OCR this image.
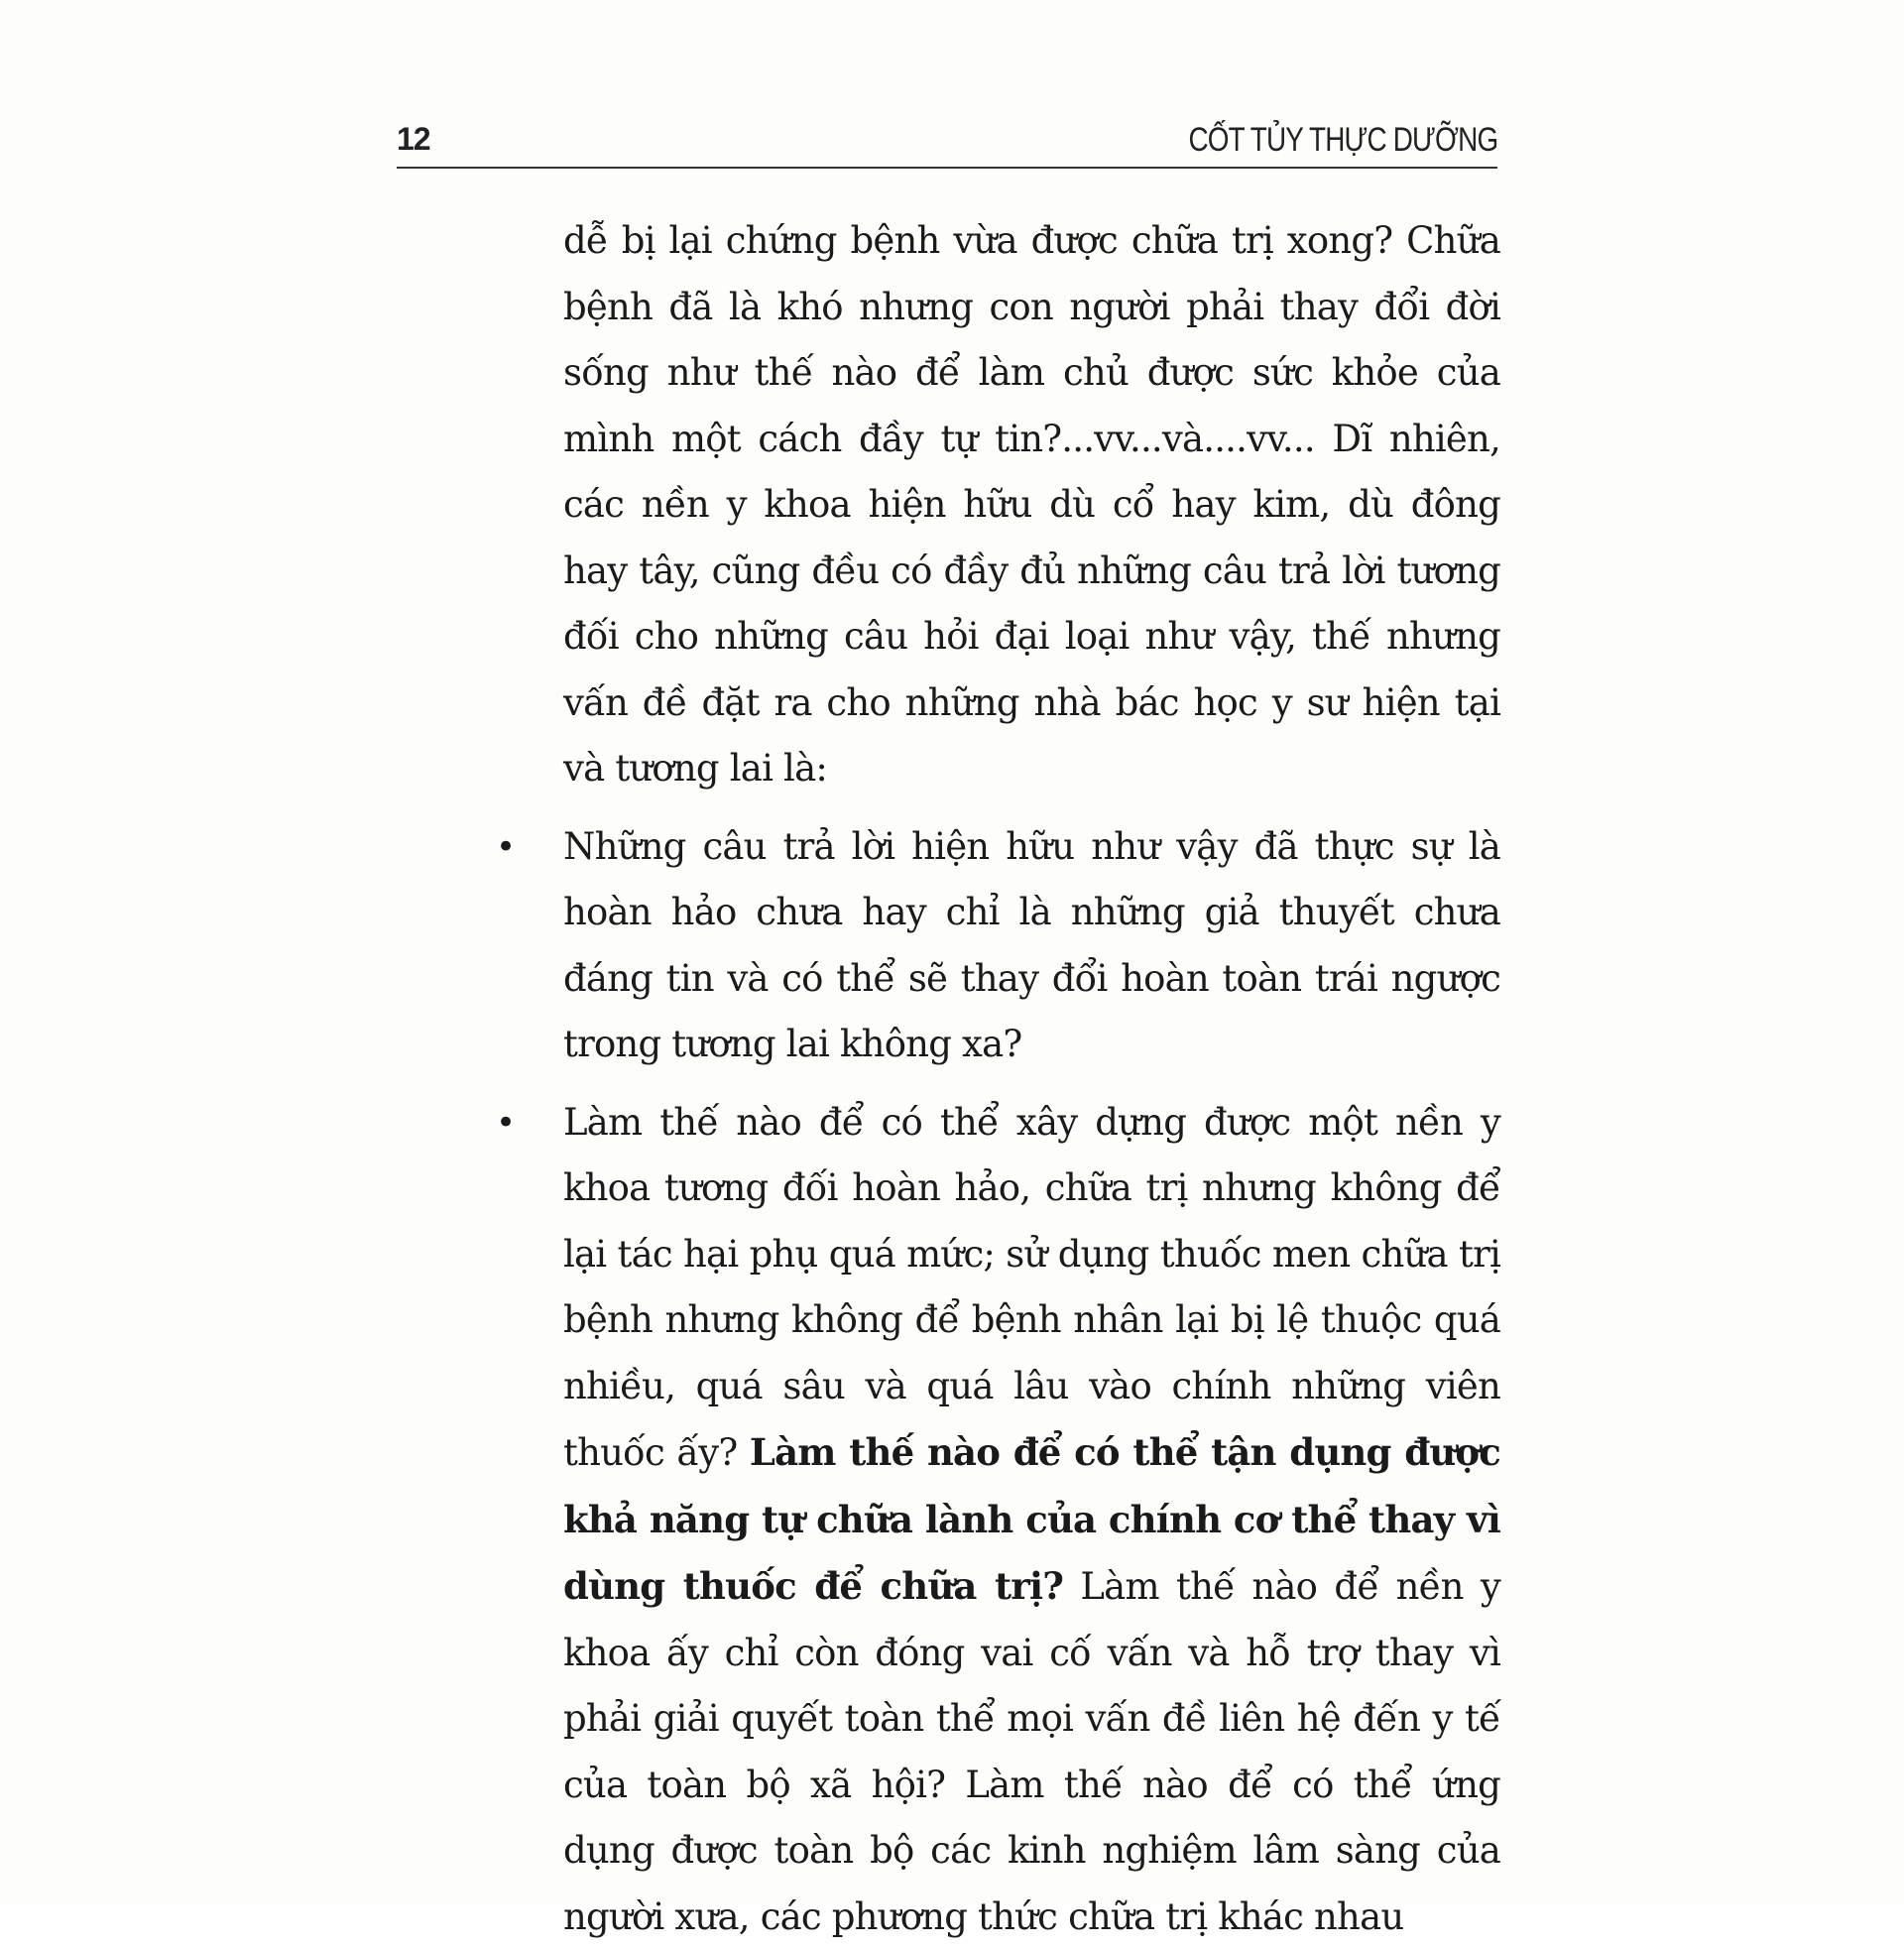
12	CỐT TỦY THỰC DƯỠNG

dễ bị lại chứng bệnh vừa được chữa trị xong? Chữa bệnh đã là khó nhưng con người phải thay đổi đời sống như thế nào để làm chủ được sức khỏe của mình một cách đầy tự tin?...vv...và....vv... Dĩ nhiên, các nền y khoa hiện hữu dù cổ hay kim, dù đông hay tây, cũng đều có đầy đủ những câu trả lời tương đối cho những câu hỏi đại loại như vậy, thế nhưng vấn đề đặt ra cho những nhà bác học y sư hiện tại và tương lai là:

• Những câu trả lời hiện hữu như vậy đã thực sự là hoàn hảo chưa hay chỉ là những giả thuyết chưa đáng tin và có thể sẽ thay đổi hoàn toàn trái ngược trong tương lai không xa?
• Làm thế nào để có thể xây dựng được một nền y khoa tương đối hoàn hảo, chữa trị nhưng không để lại tác hại phụ quá mức; sử dụng thuốc men chữa trị bệnh nhưng không để bệnh nhân lại bị lệ thuộc quá nhiều, quá sâu và quá lâu vào chính những viên thuốc ấy? Làm thế nào để có thể tận dụng được khả năng tự chữa lành của chính cơ thể thay vì dùng thuốc để chữa trị? Làm thế nào để nền y khoa ấy chỉ còn đóng vai cố vấn và hỗ trợ thay vì phải giải quyết toàn thể mọi vấn đề liên hệ đến y tế của toàn bộ xã hội? Làm thế nào để có thể ứng dụng được toàn bộ các kinh nghiệm lâm sàng của người xưa, các phương thức chữa trị khác nhau
